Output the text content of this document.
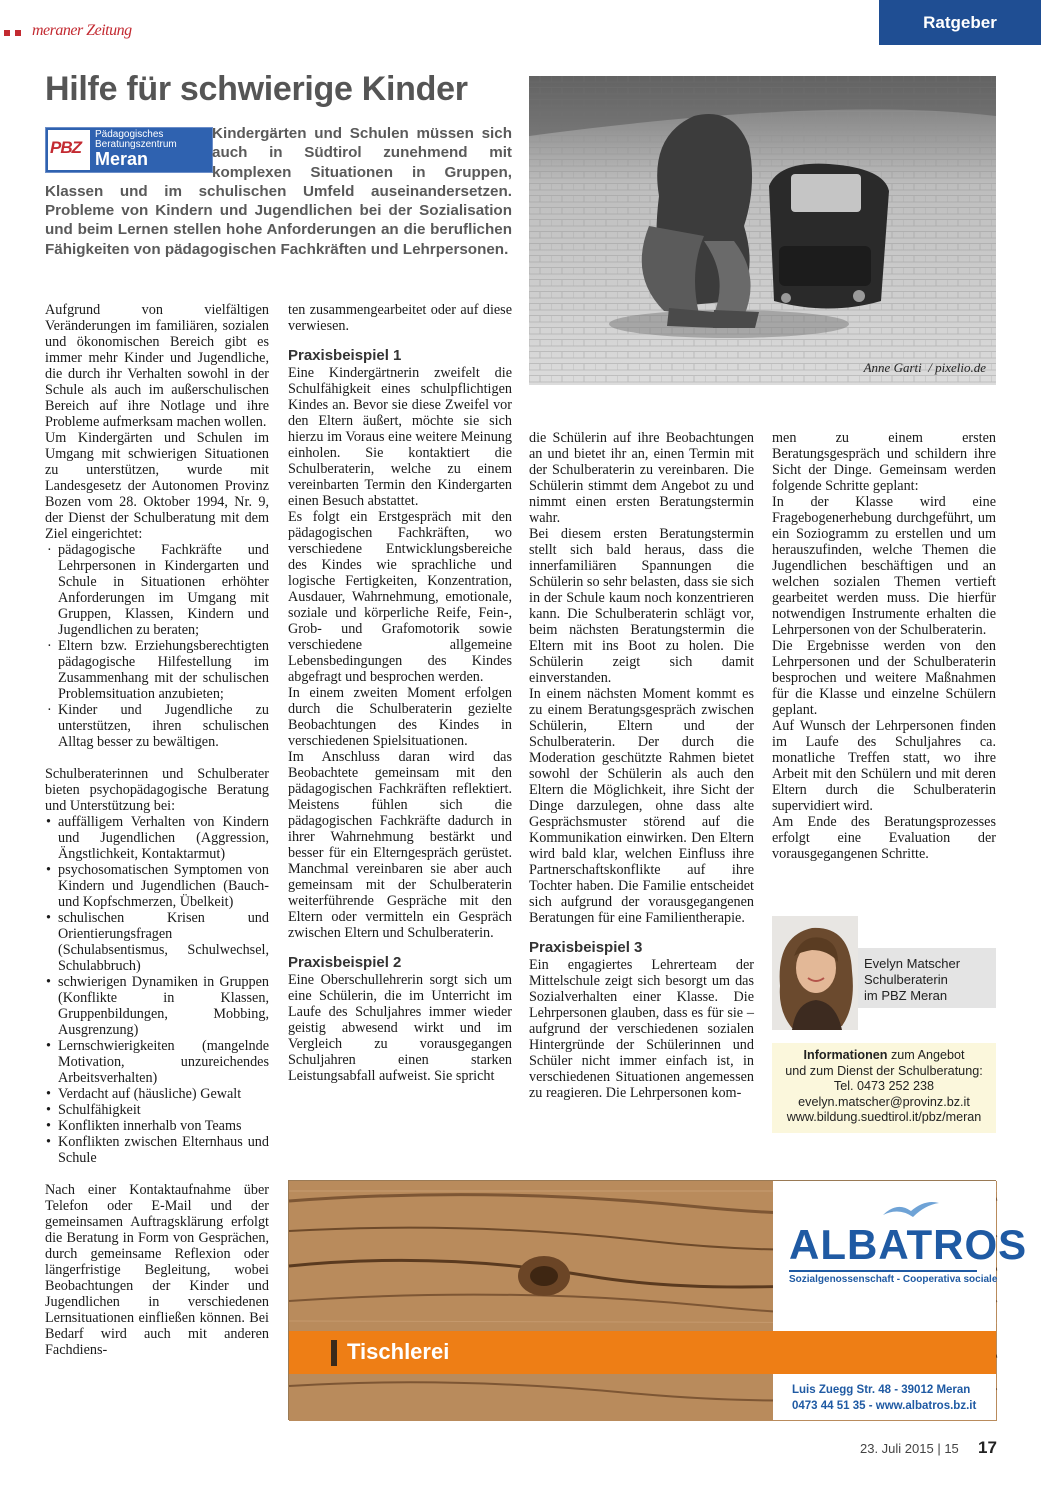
meraner Zeitung	Ratgeber
Hilfe für schwierige Kinder
PBZ
Pädagogisches
Beratungszentrum
Meran
Kindergärten und Schulen müssen sich auch in Südtirol zunehmend mit komplexen Situationen in Gruppen, Klassen und im schulischen Umfeld auseinandersetzen. Probleme von Kindern und Jugendlichen bei der Sozialisation und beim Lernen stellen hohe Anforderungen an die beruflichen Fähigkeiten von pädagogischen Fachkräften und Lehrpersonen.
Anne Garti  / pixelio.de

Aufgrund von vielfältigen Veränderungen im familiären, sozialen und ökonomischen Bereich gibt es immer mehr Kinder und Jugendliche, die durch ihr Verhalten sowohl in der Schule als auch im außerschulischen Bereich auf ihre Notlage und ihre Probleme aufmerksam machen wollen.

Um Kindergärten und Schulen im Umgang mit schwierigen Situationen zu unterstützen, wurde mit Landesgesetz der Autonomen Provinz Bozen vom 28. Oktober 1994, Nr. 9, der Dienst der Schulberatung mit dem Ziel eingerichtet:

· pädagogische Fachkräfte und Lehrpersonen in Kindergarten und Schule in Situationen erhöhter Anforderungen im Umgang mit Gruppen, Klassen, Kindern und Jugendlichen zu beraten;
· Eltern bzw. Erziehungsberechtigten pädagogische Hilfestellung im Zusammenhang mit der schulischen Problemsituation anzubieten;
· Kinder und Jugendliche zu unterstützen, ihren schulischen Alltag besser zu bewältigen.

Schulberaterinnen und Schulberater bieten psychopädagogische Beratung und Unterstützung bei:

• auffälligem Verhalten von Kindern und Jugendlichen (Aggression, Ängstlichkeit, Kontaktarmut)
• psychosomatischen Symptomen von Kindern und Jugendlichen (Bauch- und Kopfschmerzen, Übelkeit)
• schulischen Krisen und Orientierungsfragen (Schulabsentismus, Schulwechsel, Schulabbruch)
• schwierigen Dynamiken in Gruppen (Konflikte in Klassen, Gruppenbildungen, Mobbing, Ausgrenzung)
• Lernschwierigkeiten (mangelnde Motivation, unzureichendes Arbeitsverhalten)
• Verdacht auf (häusliche) Gewalt
• Schulfähigkeit
• Konflikten innerhalb von Teams
• Konflikten zwischen Elternhaus und Schule

Nach einer Kontaktaufnahme über Telefon oder E-Mail und der gemeinsamen Auftragsklärung erfolgt die Beratung in Form von Gesprächen, durch gemeinsame Reflexion oder längerfristige Begleitung, wobei Beobachtungen der Kinder und Jugendlichen in verschiedenen Lernsituationen einfließen können. Bei Bedarf wird auch mit anderen Fachdiens-

ten zusammengearbeitet oder auf diese verwiesen.

Praxisbeispiel 1

Eine Kindergärtnerin zweifelt die Schulfähigkeit eines schulpflichtigen Kindes an. Bevor sie diese Zweifel vor den Eltern äußert, möchte sie sich hierzu im Voraus eine weitere Meinung einholen. Sie kontaktiert die Schulberaterin, welche zu einem vereinbarten Termin den Kindergarten einen Besuch abstattet.

Es folgt ein Erstgespräch mit den pädagogischen Fachkräften, wo verschiedene Entwicklungsbereiche des Kindes wie sprachliche und logische Fertigkeiten, Konzentration, Ausdauer, Wahrnehmung, emotionale, soziale und körperliche Reife, Fein-, Grob- und Grafomotorik sowie verschiedene allgemeine Lebensbedingungen des Kindes abgefragt und besprochen werden.

In einem zweiten Moment erfolgen durch die Schulberaterin gezielte Beobachtungen des Kindes in verschiedenen Spielsituationen.

Im Anschluss daran wird das Beobachtete gemeinsam mit den pädagogischen Fachkräften reflektiert. Meistens fühlen sich die pädagogischen Fachkräfte dadurch in ihrer Wahrnehmung bestärkt und besser für ein Elterngespräch gerüstet. Manchmal vereinbaren sie aber auch gemeinsam mit der Schulberaterin weiterführende Gespräche mit den Eltern oder vermitteln ein Gespräch zwischen Eltern und Schulberaterin.

Praxisbeispiel 2

Eine Oberschullehrerin sorgt sich um eine Schülerin, die im Unterricht im Laufe des Schuljahres immer wieder geistig abwesend wirkt und im Vergleich zu vorausgegangen Schuljahren einen starken Leistungsabfall aufweist. Sie spricht

die Schülerin auf ihre Beobachtungen an und bietet ihr an, einen Termin mit der Schulberaterin zu vereinbaren. Die Schülerin stimmt dem Angebot zu und nimmt einen ersten Beratungstermin wahr.

Bei diesem ersten Beratungstermin stellt sich bald heraus, dass die innerfamiliären Spannungen die Schülerin so sehr belasten, dass sie sich in der Schule kaum noch konzentrieren kann. Die Schulberaterin schlägt vor, beim nächsten Beratungstermin die Eltern mit ins Boot zu holen. Die Schülerin zeigt sich damit einverstanden.

In einem nächsten Moment kommt es zu einem Beratungsgespräch zwischen Schülerin, Eltern und der Schulberaterin. Der durch die Moderation geschützte Rahmen bietet sowohl der Schülerin als auch den Eltern die Möglichkeit, ihre Sicht der Dinge darzulegen, ohne dass alte Gesprächsmuster störend auf die Kommunikation einwirken. Den Eltern wird bald klar, welchen Einfluss ihre Partnerschaftskonflikte auf ihre Tochter haben. Die Familie entscheidet sich aufgrund der vorausgegangenen Beratungen für eine Familientherapie.

Praxisbeispiel 3

Ein engagiertes Lehrerteam der Mittelschule zeigt sich besorgt um das Sozialverhalten einer Klasse. Die Lehrpersonen glauben, dass es für sie – aufgrund der verschiedenen sozialen Hintergründe der Schülerinnen und Schüler nicht immer einfach ist, in verschiedenen Situationen angemessen zu reagieren. Die Lehrpersonen kom-

men zu einem ersten Beratungsgespräch und schildern ihre Sicht der Dinge. Gemeinsam werden folgende Schritte geplant:

In der Klasse wird eine Fragebogenerhebung durchgeführt, um ein Soziogramm zu erstellen und um herauszufinden, welche Themen die Jugendlichen beschäftigen und an welchen sozialen Themen vertieft gearbeitet werden muss. Die hierfür notwendigen Instrumente erhalten die Lehrpersonen von der Schulberaterin.

Die Ergebnisse werden von den Lehrpersonen und der Schulberaterin besprochen und weitere Maßnahmen für die Klasse und einzelne Schülern geplant.

Auf Wunsch der Lehrpersonen finden im Laufe des Schuljahres ca. monatliche Treffen statt, wo ihre Arbeit mit den Schülern und mit deren Eltern durch die Schulberaterin supervidiert wird.

Am Ende des Beratungsprozesses erfolgt eine Evaluation der vorausgegangenen Schritte.

Evelyn Matscher
Schulberaterin
im PBZ Meran
Informationen zum Angebot
und zum Dienst der Schulberatung:
Tel. 0473 252 238
evelyn.matscher@provinz.bz.it
www.bildung.suedtirol.it/pbz/meran
Tischlerei
ALBATROS
Sozialgenossenschaft - Cooperativa sociale
Luis Zuegg Str. 48 - 39012 Meran
0473 44 51 35 - www.albatros.bz.it
23. Juli 2015 | 15 17
